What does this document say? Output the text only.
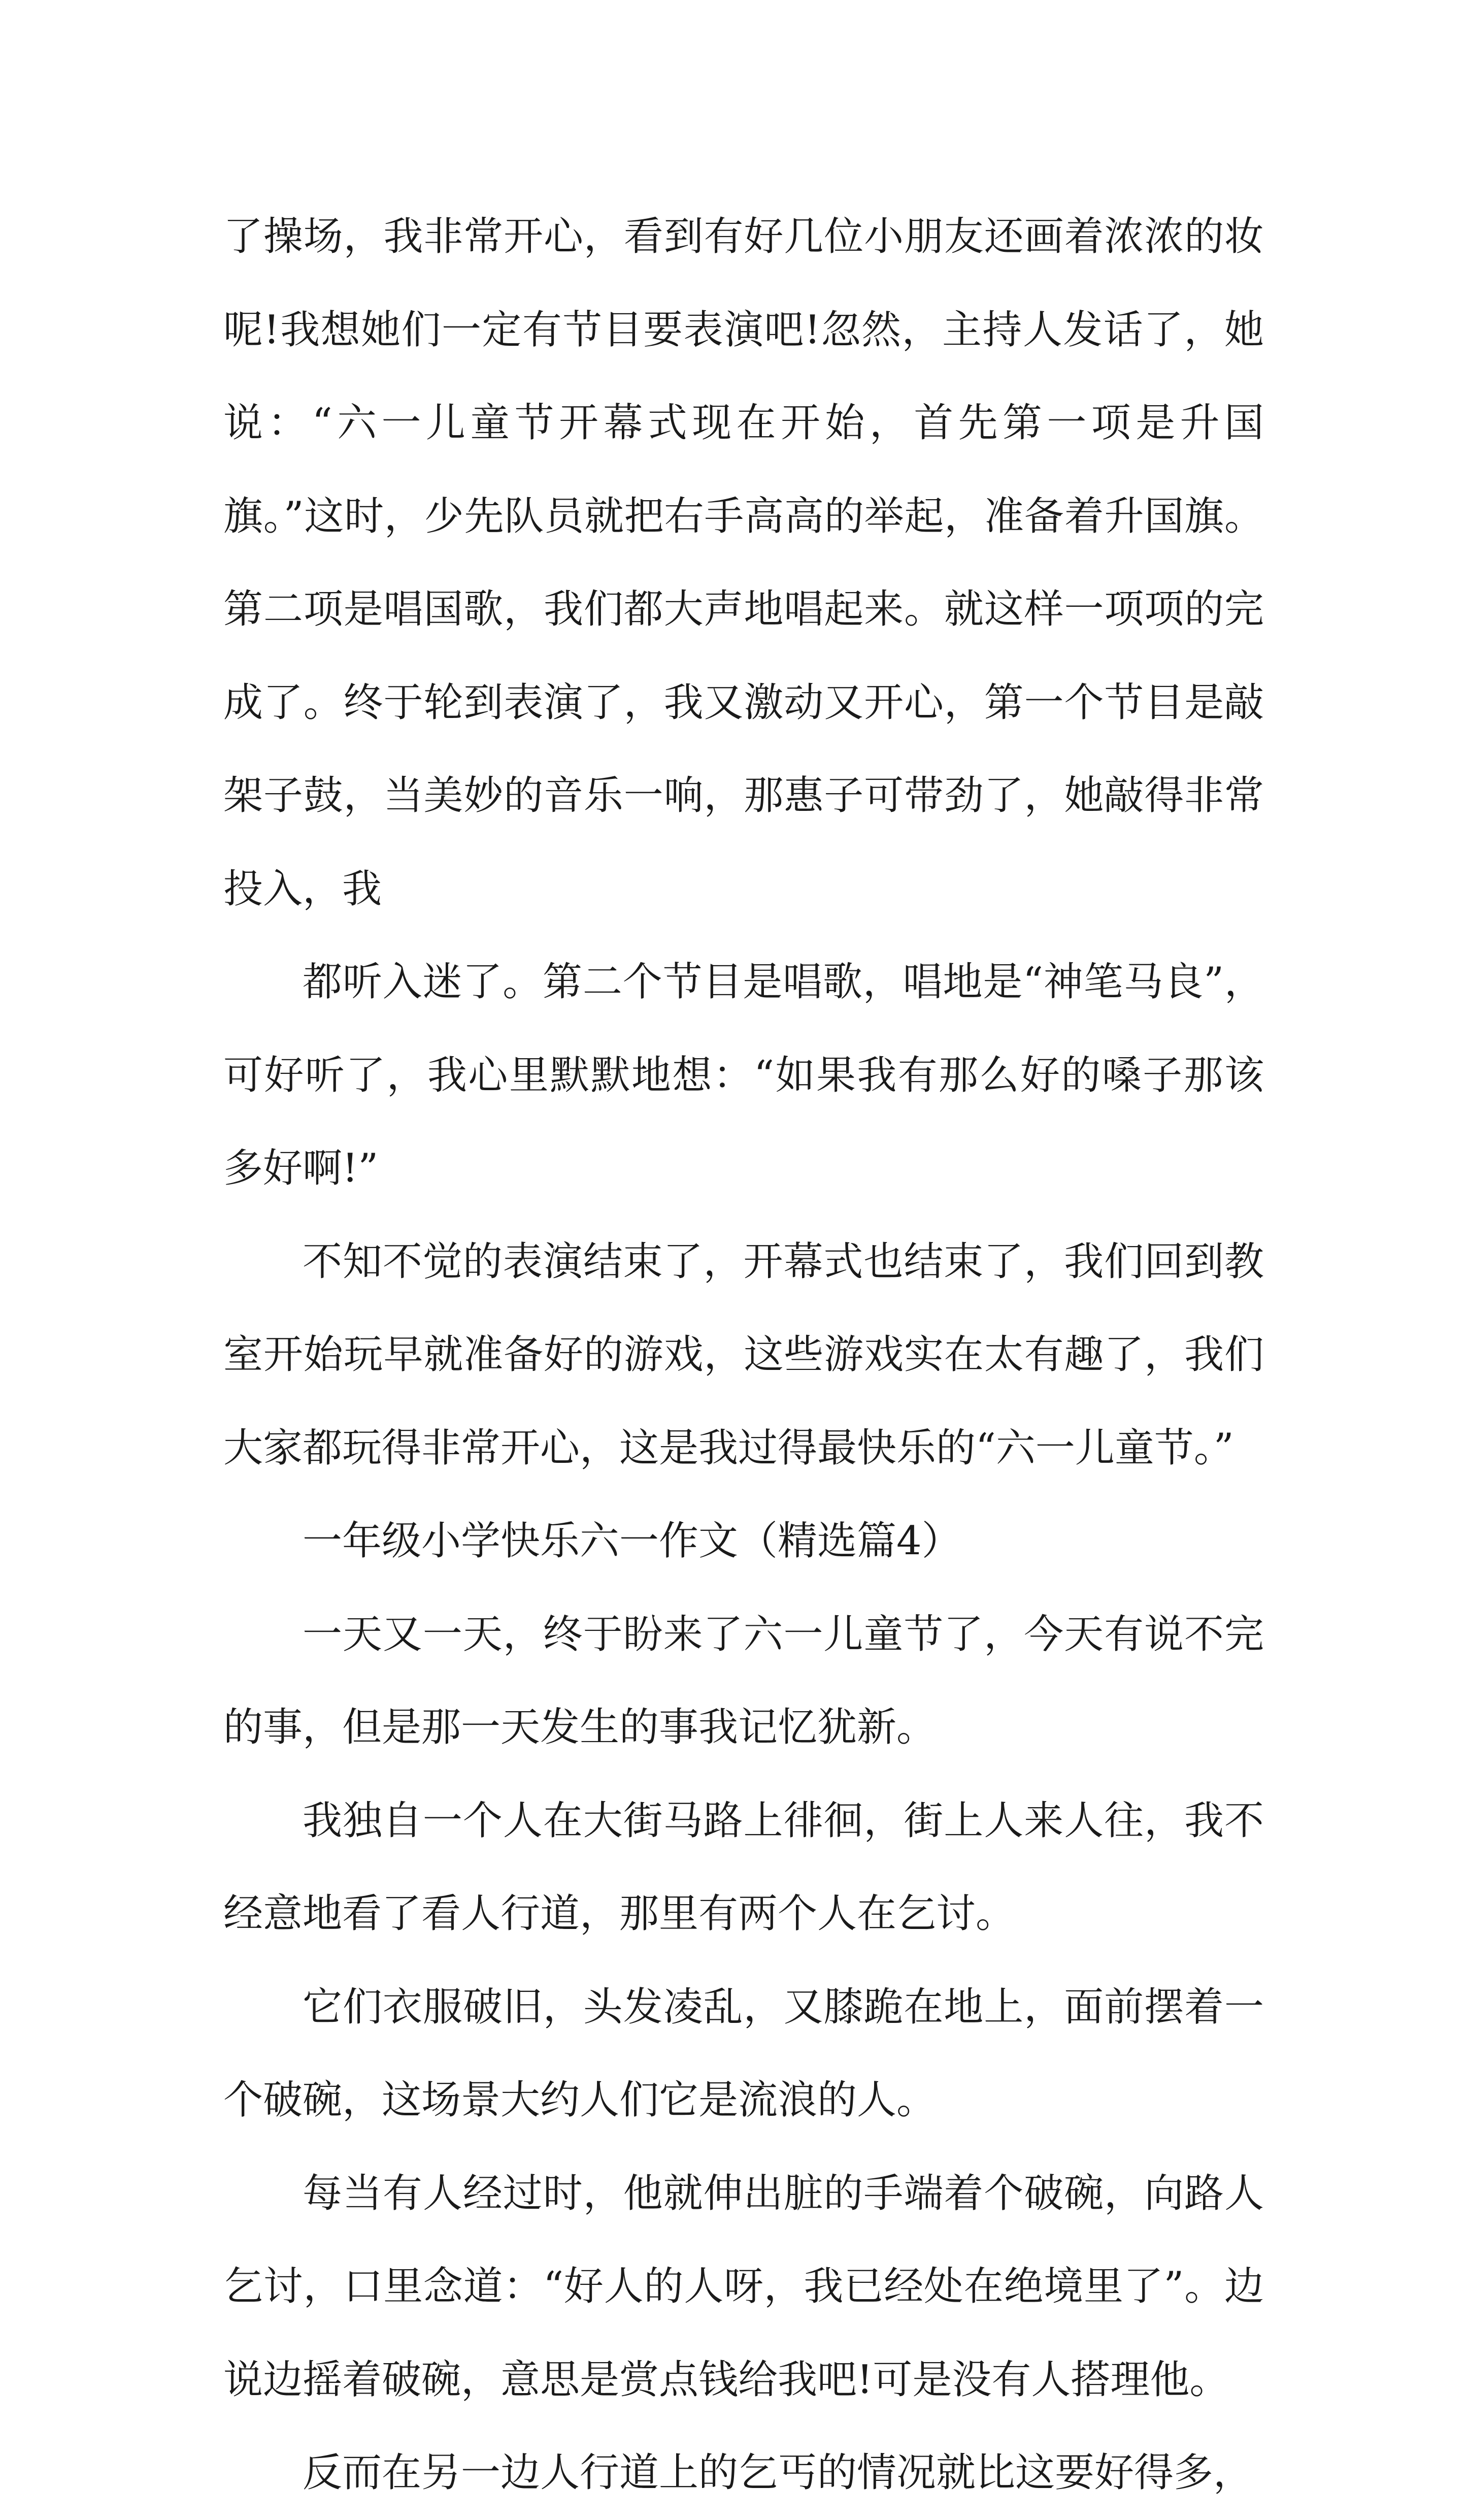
了操场，我非常开心，看到有好几位小朋友还画着浓浓的妆呢!我想她们一定有节目要表演吧!忽然，主持人发话了，她说：“六一儿童节开幕式现在开始，首先第一项是升国旗。”这时，少先队员就把右手高高的举起，准备着升国旗。第二项是唱国歌，我们都大声地唱起来。就这样一项项的完成了。终于轮到表演了，我又激动又开心，第一个节目是敲架子鼓，当美妙的音乐一响，那惠子可带劲了，她敲得非常投入，我

都听入迷了。第二个节目是唱歌，唱地是“神笔马良”，可好听了，我心里默默地想：“如果我有那么好的嗓子那该多好啊!”

不知不觉的表演结束了，开幕式也结束了，我们回到教室开始玩早就准备好的游戏，这些游戏实在太有趣了，我们大家都玩得非常开心，这是我过得最快乐的“六一儿童节。”

一年级小学快乐六一作文（精选篇4）

一天又一天，终于盼来了六一儿童节了，今天有说不完的事，但是那一天发生的事我记忆犹新。

我独自一个人在大街马路上徘徊，街上人来人往，我不经意地看了看人行道，那里有两个人在乞讨。

它们衣服破旧，头发凌乱，又膝跪在地上，面前摆着一个破碗，这场景大约人们它是流浪的人。

每当有人经过时，他就伸出脏的手端着个破碗，向路人乞讨，口里念道：“好人的人呀，我已经处在绝境里了”。边说边摇着破碗，意思是赏点钱给我吧!可是没有人搭理他。

反而在另一边人行道上的乞丐的情况就比这要好得多，
